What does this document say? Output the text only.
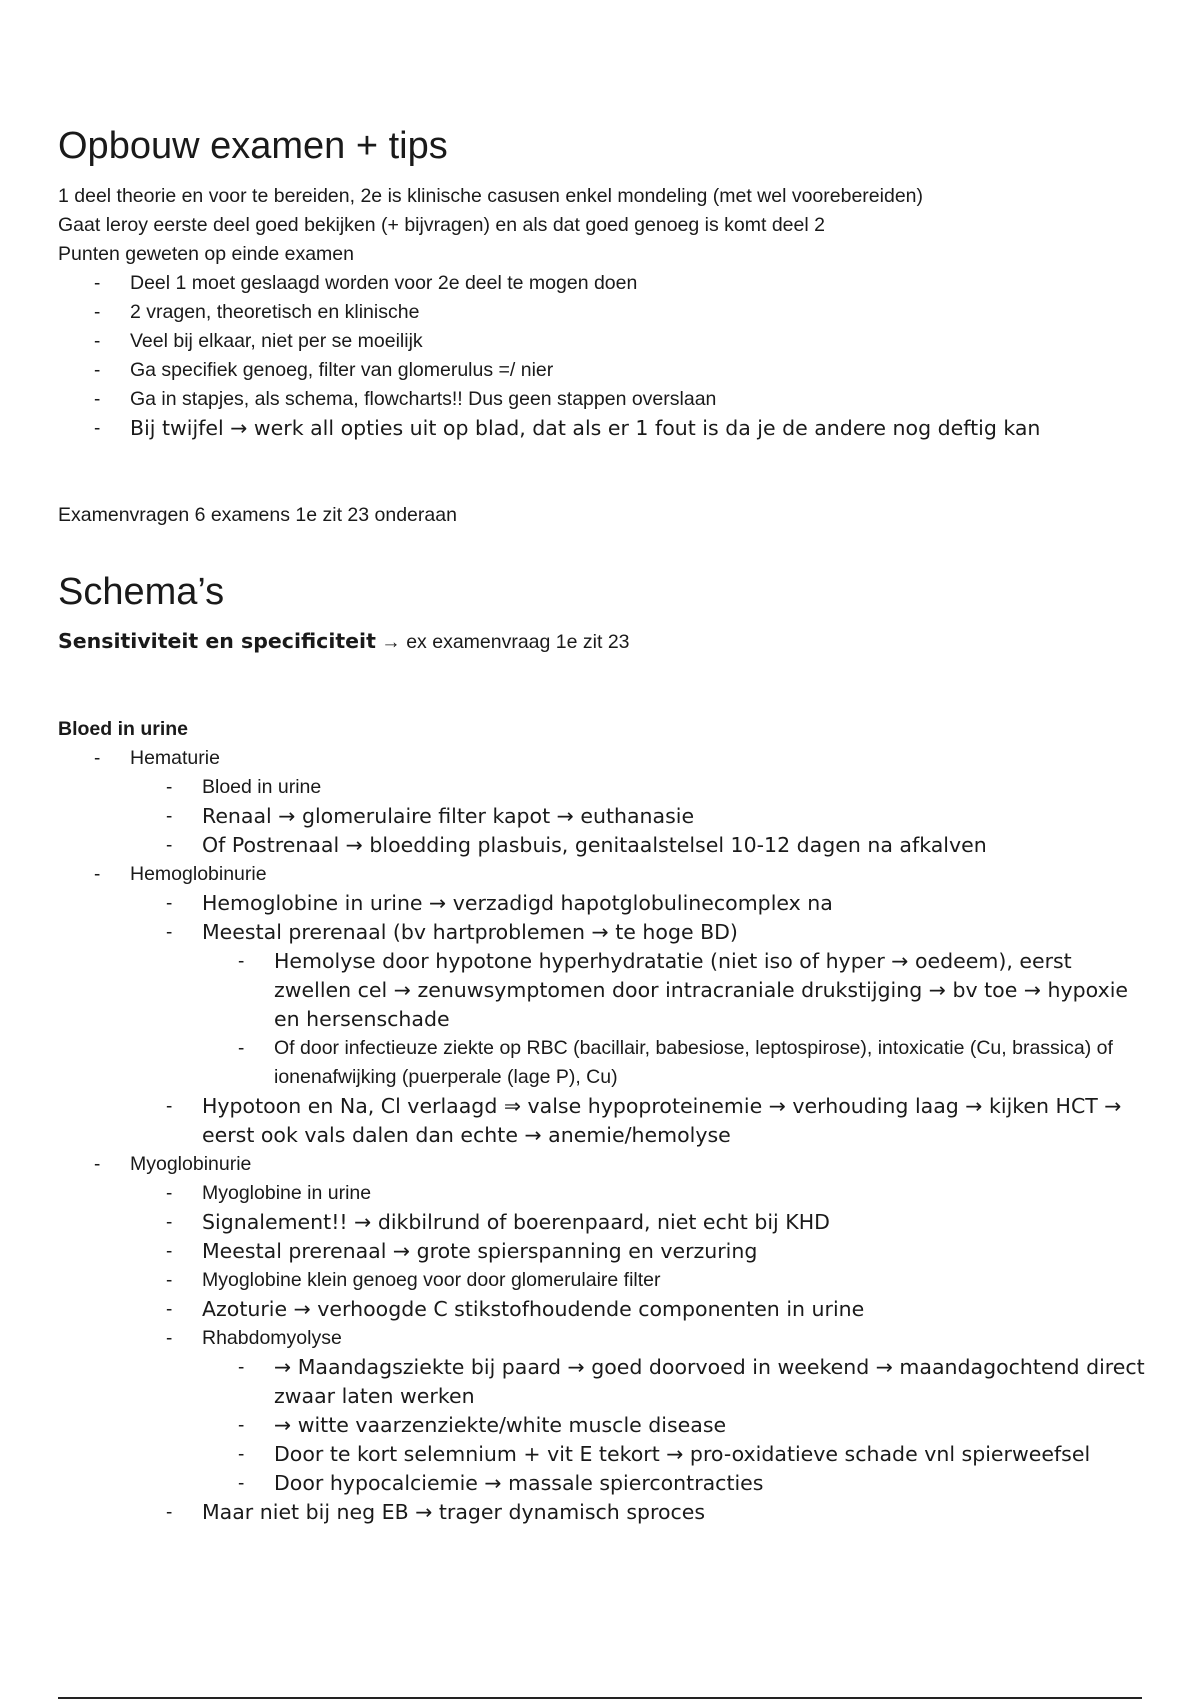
Opbouw examen + tips

1 deel theorie en voor te bereiden, 2e is klinische casusen enkel mondeling (met wel voorebereiden)

Gaat leroy eerste deel goed bekijken (+ bijvragen) en als dat goed genoeg is komt deel 2

Punten geweten op einde examen

- Deel 1 moet geslaagd worden voor 2e deel te mogen doen
- 2 vragen, theoretisch en klinische
- Veel bij elkaar, niet per se moeilijk
- Ga specifiek genoeg, filter van glomerulus =/ nier
- Ga in stapjes, als schema, flowcharts!! Dus geen stappen overslaan
- Bij twijfel → werk all opties uit op blad, dat als er 1 fout is da je de andere nog deftig kan

Examenvragen 6 examens 1e zit 23 onderaan

Schema’s

Sensitiviteit en specificiteit → ex examenvraag 1e zit 23

Bloed in urine

- Hematurie
- Bloed in urine
- Renaal → glomerulaire filter kapot → euthanasie
- Of Postrenaal → bloedding plasbuis, genitaalstelsel 10-12 dagen na afkalven
- Hemoglobinurie
- Hemoglobine in urine → verzadigd hapotglobulinecomplex na
- Meestal prerenaal (bv hartproblemen → te hoge BD)
- Hemolyse door hypotone hyperhydratatie (niet iso of hyper → oedeem), eerst zwellen cel → zenuwsymptomen door intracraniale drukstijging → bv toe → hypoxie en hersenschade
- Of door infectieuze ziekte op RBC (bacillair, babesiose, leptospirose), intoxicatie (Cu, brassica) of ionenafwijking (puerperale (lage P), Cu)
- Hypotoon en Na, Cl verlaagd ⇒ valse hypoproteinemie → verhouding laag → kijken HCT → eerst ook vals dalen dan echte → anemie/hemolyse
- Myoglobinurie
- Myoglobine in urine
- Signalement!! → dikbilrund of boerenpaard, niet echt bij KHD
- Meestal prerenaal → grote spierspanning en verzuring
- Myoglobine klein genoeg voor door glomerulaire filter
- Azoturie → verhoogde C stikstofhoudende componenten in urine
- Rhabdomyolyse
- → Maandagsziekte bij paard → goed doorvoed in weekend → maandagochtend direct zwaar laten werken
- → witte vaarzenziekte/white muscle disease
- Door te kort selemnium + vit E tekort → pro-oxidatieve schade vnl spierweefsel
- Door hypocalciemie → massale spiercontracties
- Maar niet bij neg EB → trager dynamisch sproces
